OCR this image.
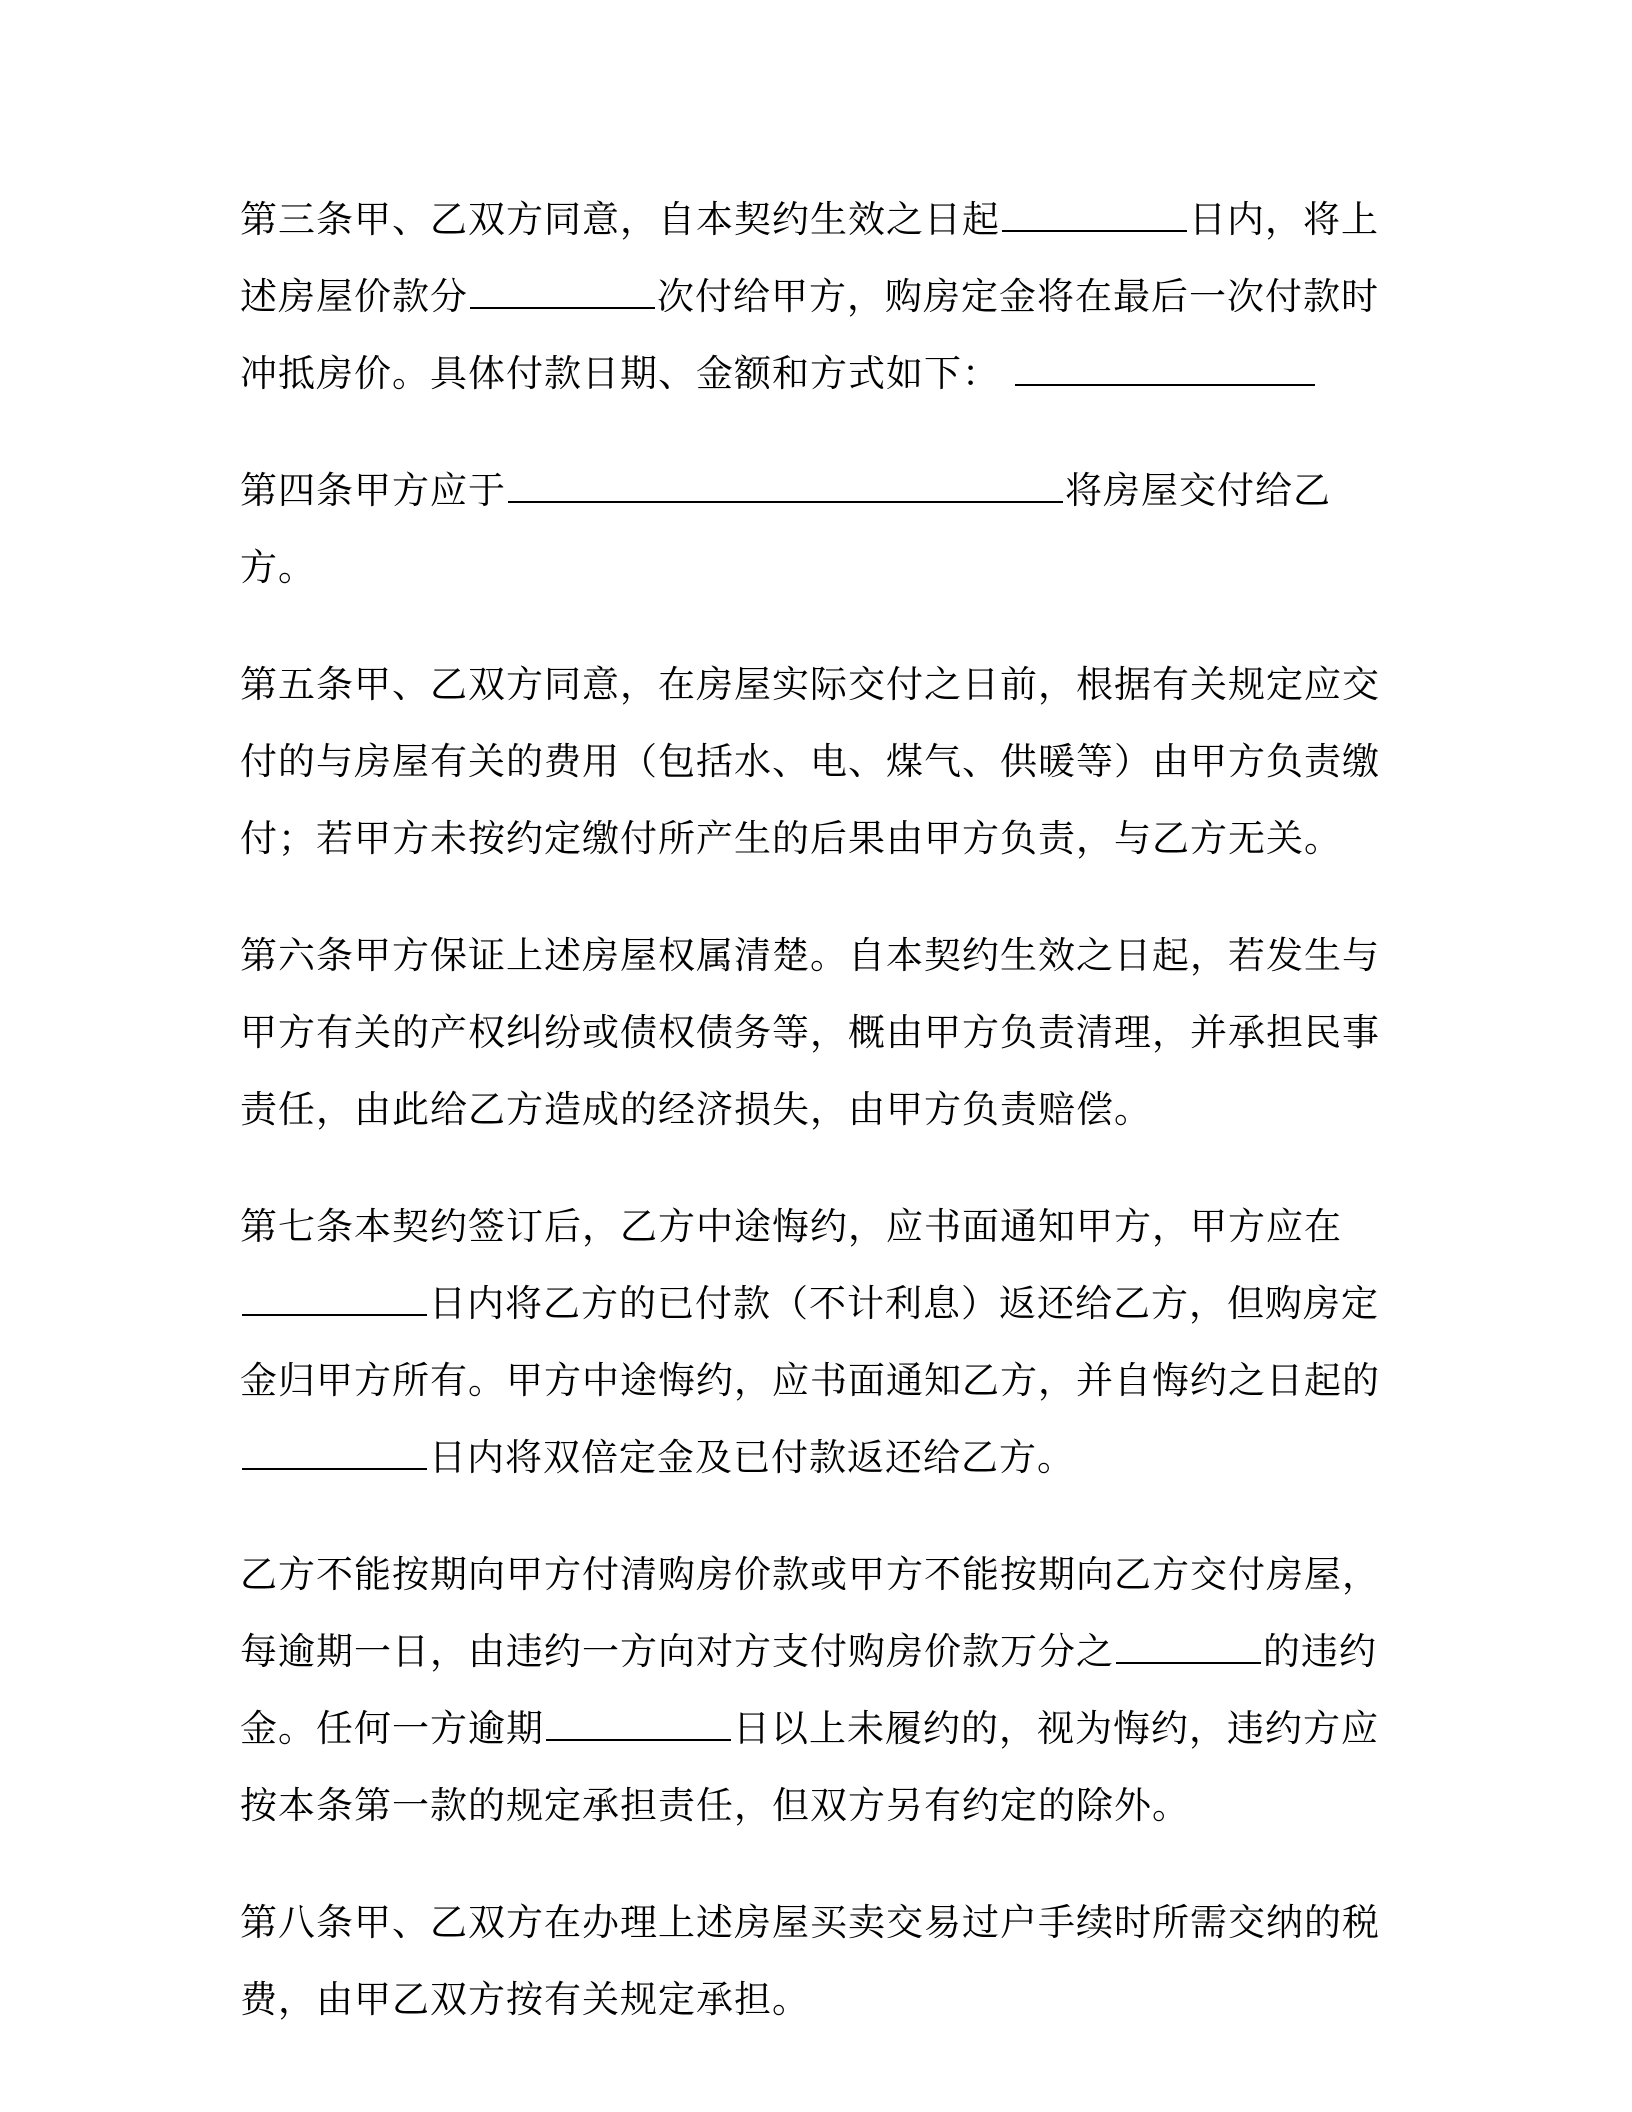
第三条甲、乙双方同意，自本契约生效之日起	日内，将上述房屋价款分	次付给甲方，购房定金将在最后一次付款时冲抵房价。具体付款日期、金额和方式如下：

第四条甲方应于	将房屋交付给乙方。

第五条甲、乙双方同意，在房屋实际交付之日前，根据有关规定应交付的与房屋有关的费用（包括水、电、煤气、供暖等）由甲方负责缴付；若甲方未按约定缴付所产生的后果由甲方负责，与乙方无关。

第六条甲方保证上述房屋权属清楚。自本契约生效之日起，若发生与甲方有关的产权纠纷或债权债务等，概由甲方负责清理，并承担民事责任，由此给乙方造成的经济损失，由甲方负责赔偿。

第七条本契约签订后，乙方中途悔约，应书面通知甲方，甲方应在日内将乙方的已付款（不计利息）返还给乙方，但购房定金归甲方所有。甲方中途悔约，应书面通知乙方，并自悔约之日起的日内将双倍定金及已付款返还给乙方。

乙方不能按期向甲方付清购房价款或甲方不能按期向乙方交付房屋，每逾期一日，由违约一方向对方支付购房价款万分之	的违约金。任何一方逾期	日以上未履约的，视为悔约，违约方应按本条第一款的规定承担责任，但双方另有约定的除外。

第八条甲、乙双方在办理上述房屋买卖交易过户手续时所需交纳的税费，由甲乙双方按有关规定承担。
